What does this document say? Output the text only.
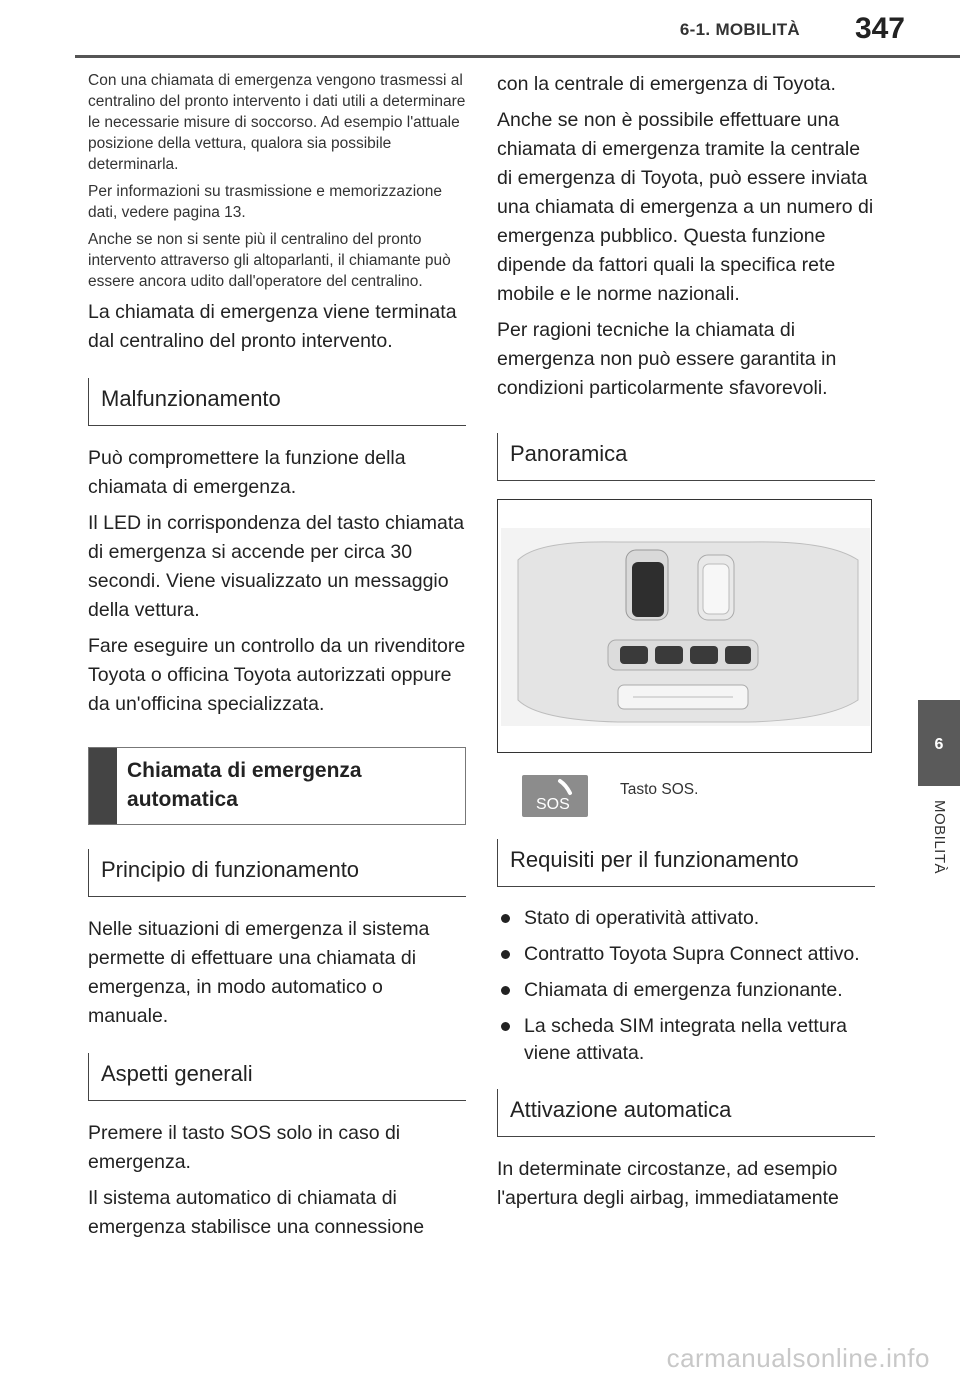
6-1. MOBILITÀ 347
6
MOBILITÀ

Con una chiamata di emergenza vengono trasmessi al centralino del pronto intervento i dati utili a determinare le necessarie misure di soccorso. Ad esempio l'attuale posizione della vettura, qualora sia possibile determinarla.

Per informazioni su trasmissione e memorizzazione dati, vedere pagina 13.

Anche se non si sente più il centralino del pronto intervento attraverso gli altoparlanti, il chiamante può essere ancora udito dall'operatore del centralino.

La chiamata di emergenza viene terminata dal centralino del pronto intervento.

Malfunzionamento

Può compromettere la funzione della chiamata di emergenza.

Il LED in corrispondenza del tasto chiamata di emergenza si accende per circa 30 secondi. Viene visualizzato un messaggio della vettura.

Fare eseguire un controllo da un rivenditore Toyota o officina Toyota autorizzati oppure da un'officina specializzata.

Chiamata di emergenza automatica
Principio di funzionamento

Nelle situazioni di emergenza il sistema permette di effettuare una chiamata di emergenza, in modo automatico o manuale.

Aspetti generali

Premere il tasto SOS solo in caso di emergenza.

Il sistema automatico di chiamata di emergenza stabilisce una connessione

con la centrale di emergenza di Toyota.

Anche se non è possibile effettuare una chiamata di emergenza tramite la centrale di emergenza di Toyota, può essere inviata una chiamata di emergenza a un numero di emergenza pubblico. Questa funzione dipende da fattori quali la specifica rete mobile e le norme nazionali.

Per ragioni tecniche la chiamata di emergenza non può essere garantita in condizioni particolarmente sfavorevoli.

Panoramica
SOS
Tasto SOS.
Requisiti per il funzionamento
Stato di operatività attivato.
Contratto Toyota Supra Connect attivo.
Chiamata di emergenza funzionante.
La scheda SIM integrata nella vettura viene attivata.
Attivazione automatica

In determinate circostanze, ad esempio l'apertura degli airbag, immediatamente

carmanualsonline.info
